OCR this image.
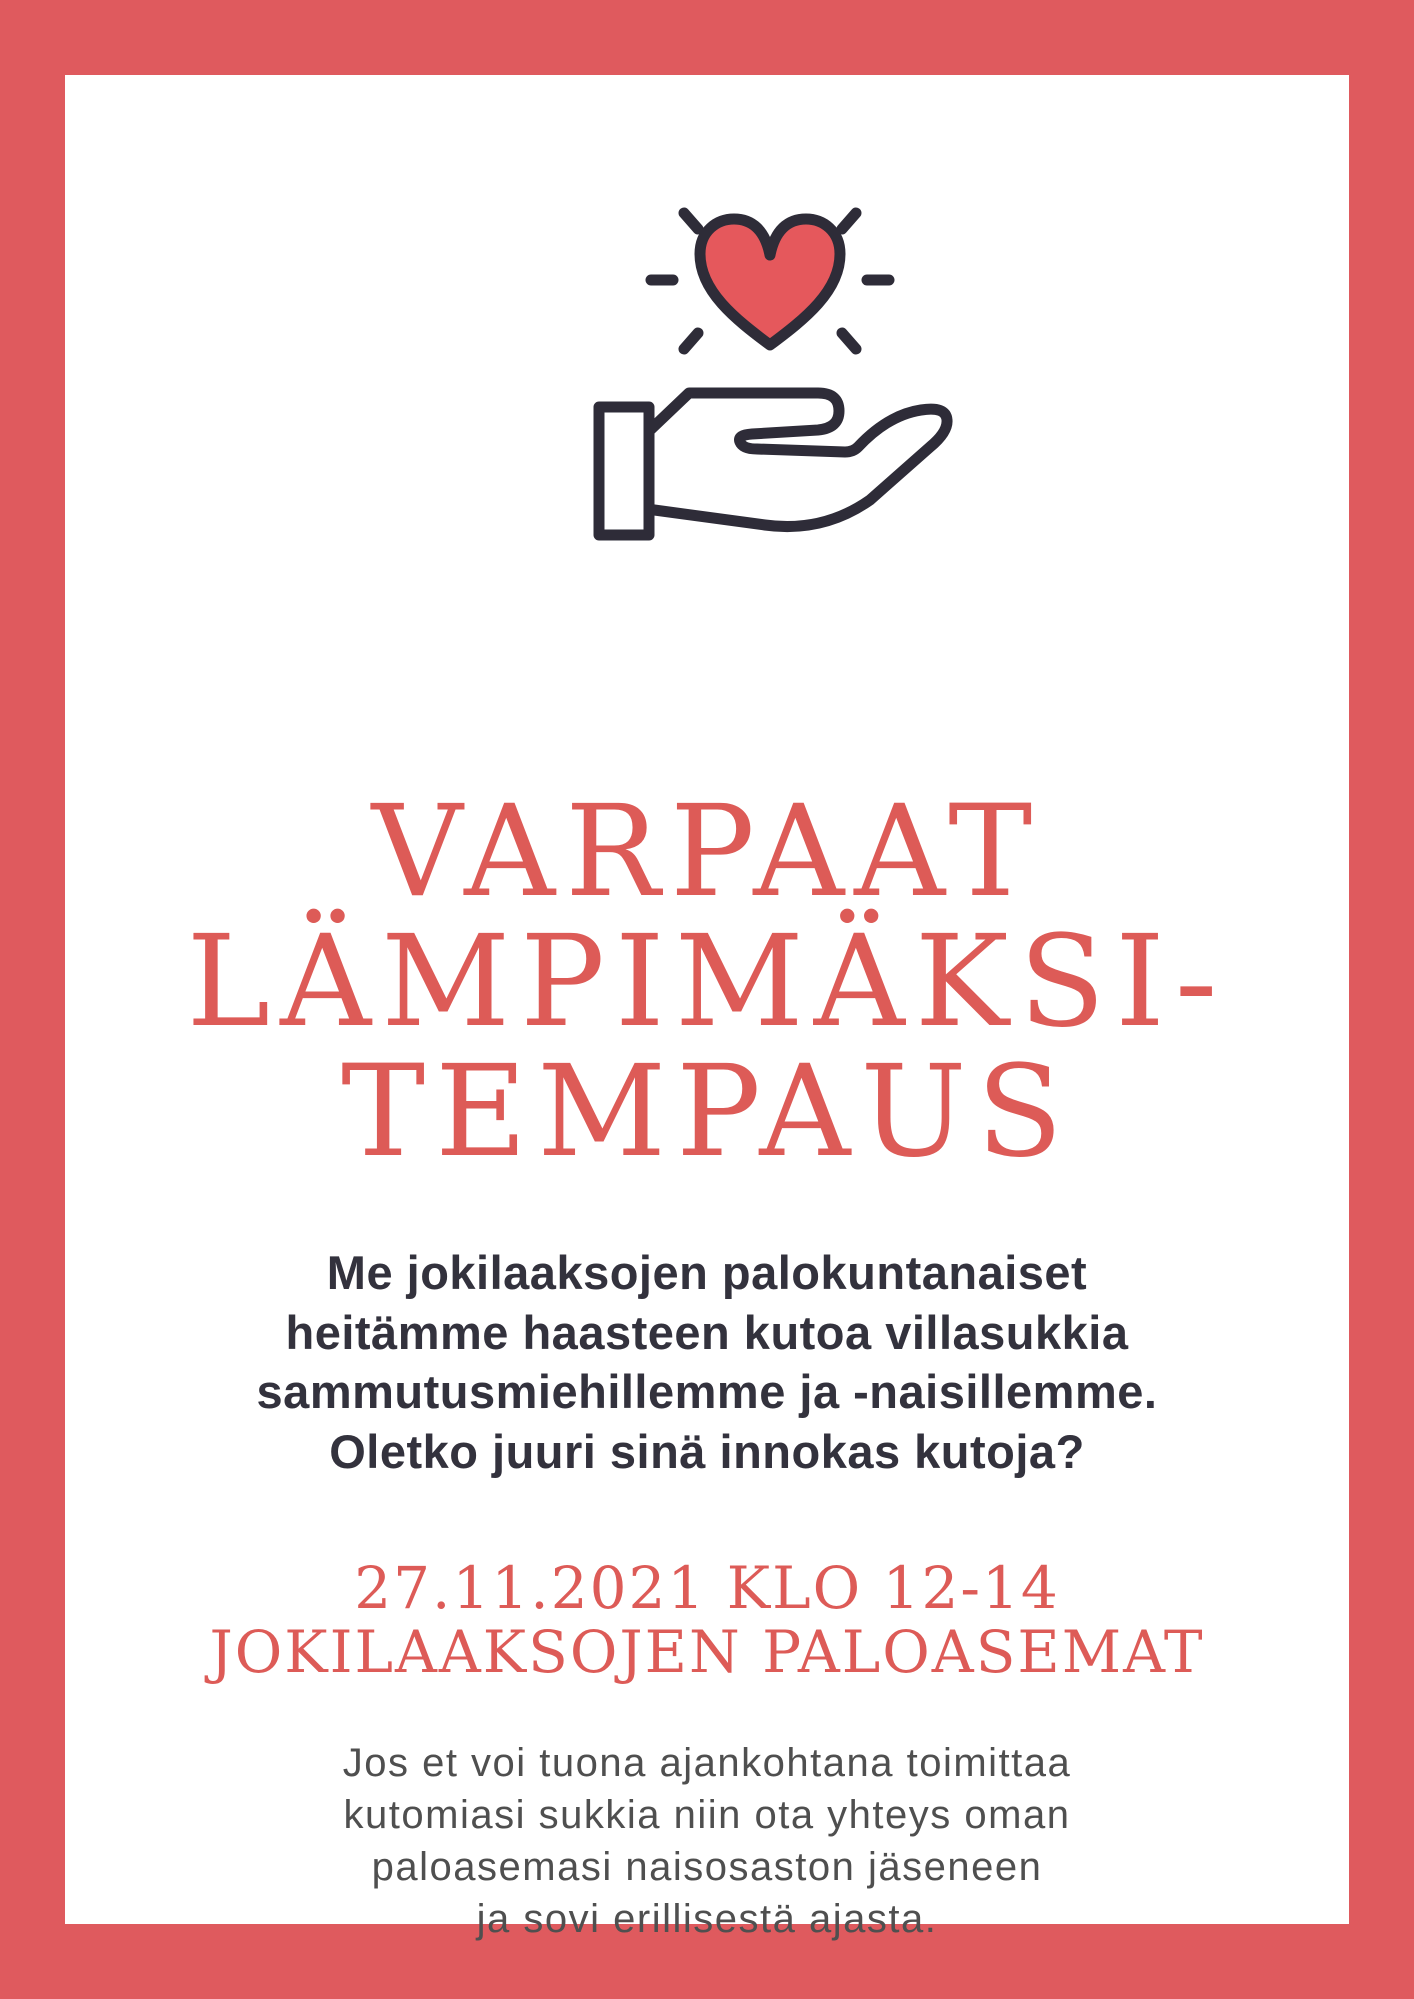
VARPAAT
LÄMPIMÄKSI-
TEMPAUS
Me jokilaaksojen palokuntanaiset
heitämme haasteen kutoa villasukkia
sammutusmiehillemme ja -naisillemme.
Oletko juuri sinä innokas kutoja?
27.11.2021 KLO 12-14
JOKILAAKSOJEN PALOASEMAT
Jos et voi tuona ajankohtana toimittaa
kutomiasi sukkia niin ota yhteys oman
paloasemasi naisosaston jäseneen
ja sovi erillisestä ajasta.
